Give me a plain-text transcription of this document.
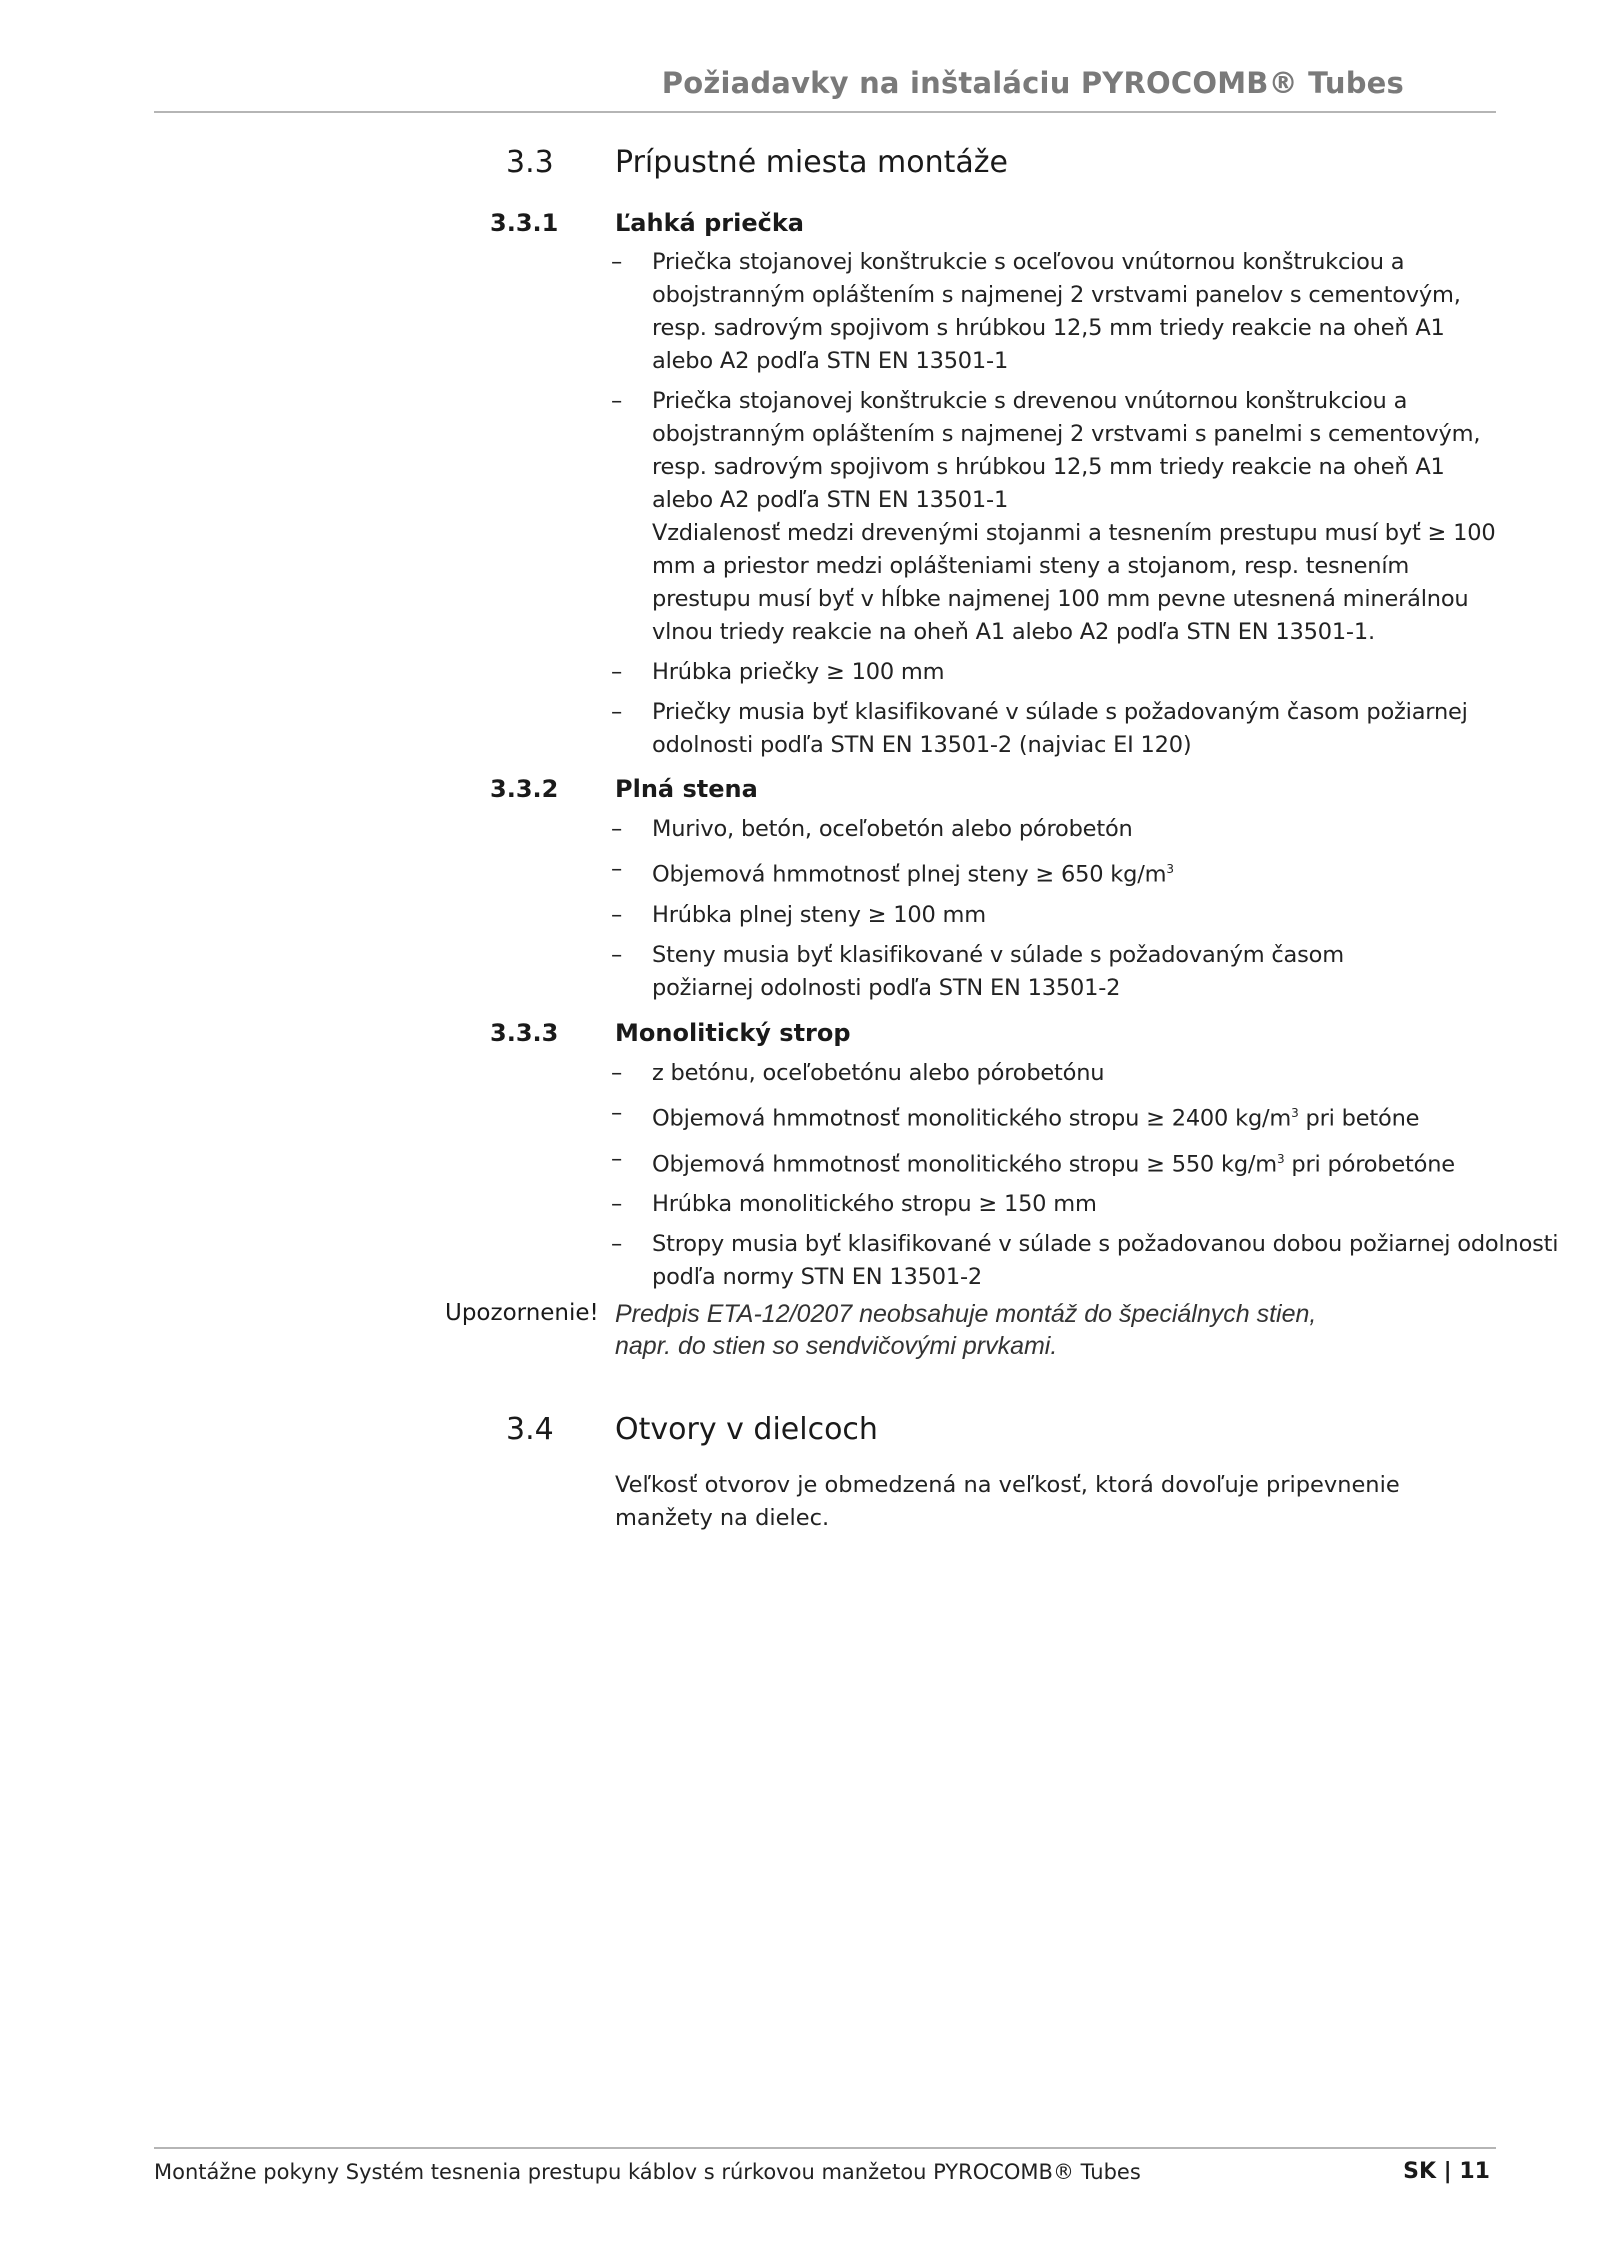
Požiadavky na inštaláciu PYROCOMB® Tubes
3.3	Prípustné miesta montáže
3.3.1 Ľahká priečka
– Priečka stojanovej konštrukcie s oceľovou vnútornou konštrukciou a obojstranným opláštením s najmenej 2 vrstvami panelov s cementovým, resp. sadrovým spojivom s hrúbkou 12,5 mm triedy reakcie na oheň A1 alebo A2 podľa STN EN 13501-1
– Priečka stojanovej konštrukcie s drevenou vnútornou konštrukciou a obojstranným opláštením s najmenej 2 vrstvami s panelmi s cementovým, resp. sadrovým spojivom s hrúbkou 12,5 mm triedy reakcie na oheň A1 alebo A2 podľa STN EN 13501-1
Vzdialenosť medzi drevenými stojanmi a tesnením prestupu musí byť ≥ 100 mm a priestor medzi oplášteniami steny a stojanom, resp. tesnením prestupu musí byť v hĺbke najmenej 100 mm pevne utesnená minerálnou vlnou triedy reakcie na oheň A1 alebo A2 podľa STN EN 13501-1.
– Hrúbka priečky ≥ 100 mm
– Priečky musia byť klasifikované v súlade s požadovaným časom požiarnej odolnosti podľa STN EN 13501-2 (najviac EI 120)
3.3.2 Plná stena
– Murivo, betón, oceľobetón alebo pórobetón
– Objemová hmmotnosť plnej steny ≥ 650 $kg/m^3$
– Hrúbka plnej steny ≥ 100 mm
– Steny musia byť klasifikované v súlade s požadovaným časom požiarnej odolnosti podľa STN EN 13501-2
3.3.3 Monolitický strop
– z betónu, oceľobetónu alebo pórobetónu
– Objemová hmmotnosť monolitického stropu ≥ 2400 $kg/m^3$ pri betóne
– Objemová hmmotnosť monolitického stropu ≥ 550 $kg/m^3$ pri pórobetóne
– Hrúbka monolitického stropu ≥ 150 mm
– Stropy musia byť klasifikované v súlade s požadovanou dobou požiarnej odolnosti podľa normy STN EN 13501-2
Upozornenie! Predpis ETA-12/0207 neobsahuje montáž do špeciálnych stien,
napr. do stien so sendvičovými prvkami.
3.4	Otvory v dielcoch
Veľkosť otvorov je obmedzená na veľkosť, ktorá dovoľuje pripevnenie manžety na dielec.
Montážne pokyny Systém tesnenia prestupu káblov s rúrkovou manžetou PYROCOMB® Tubes	SK | 11
